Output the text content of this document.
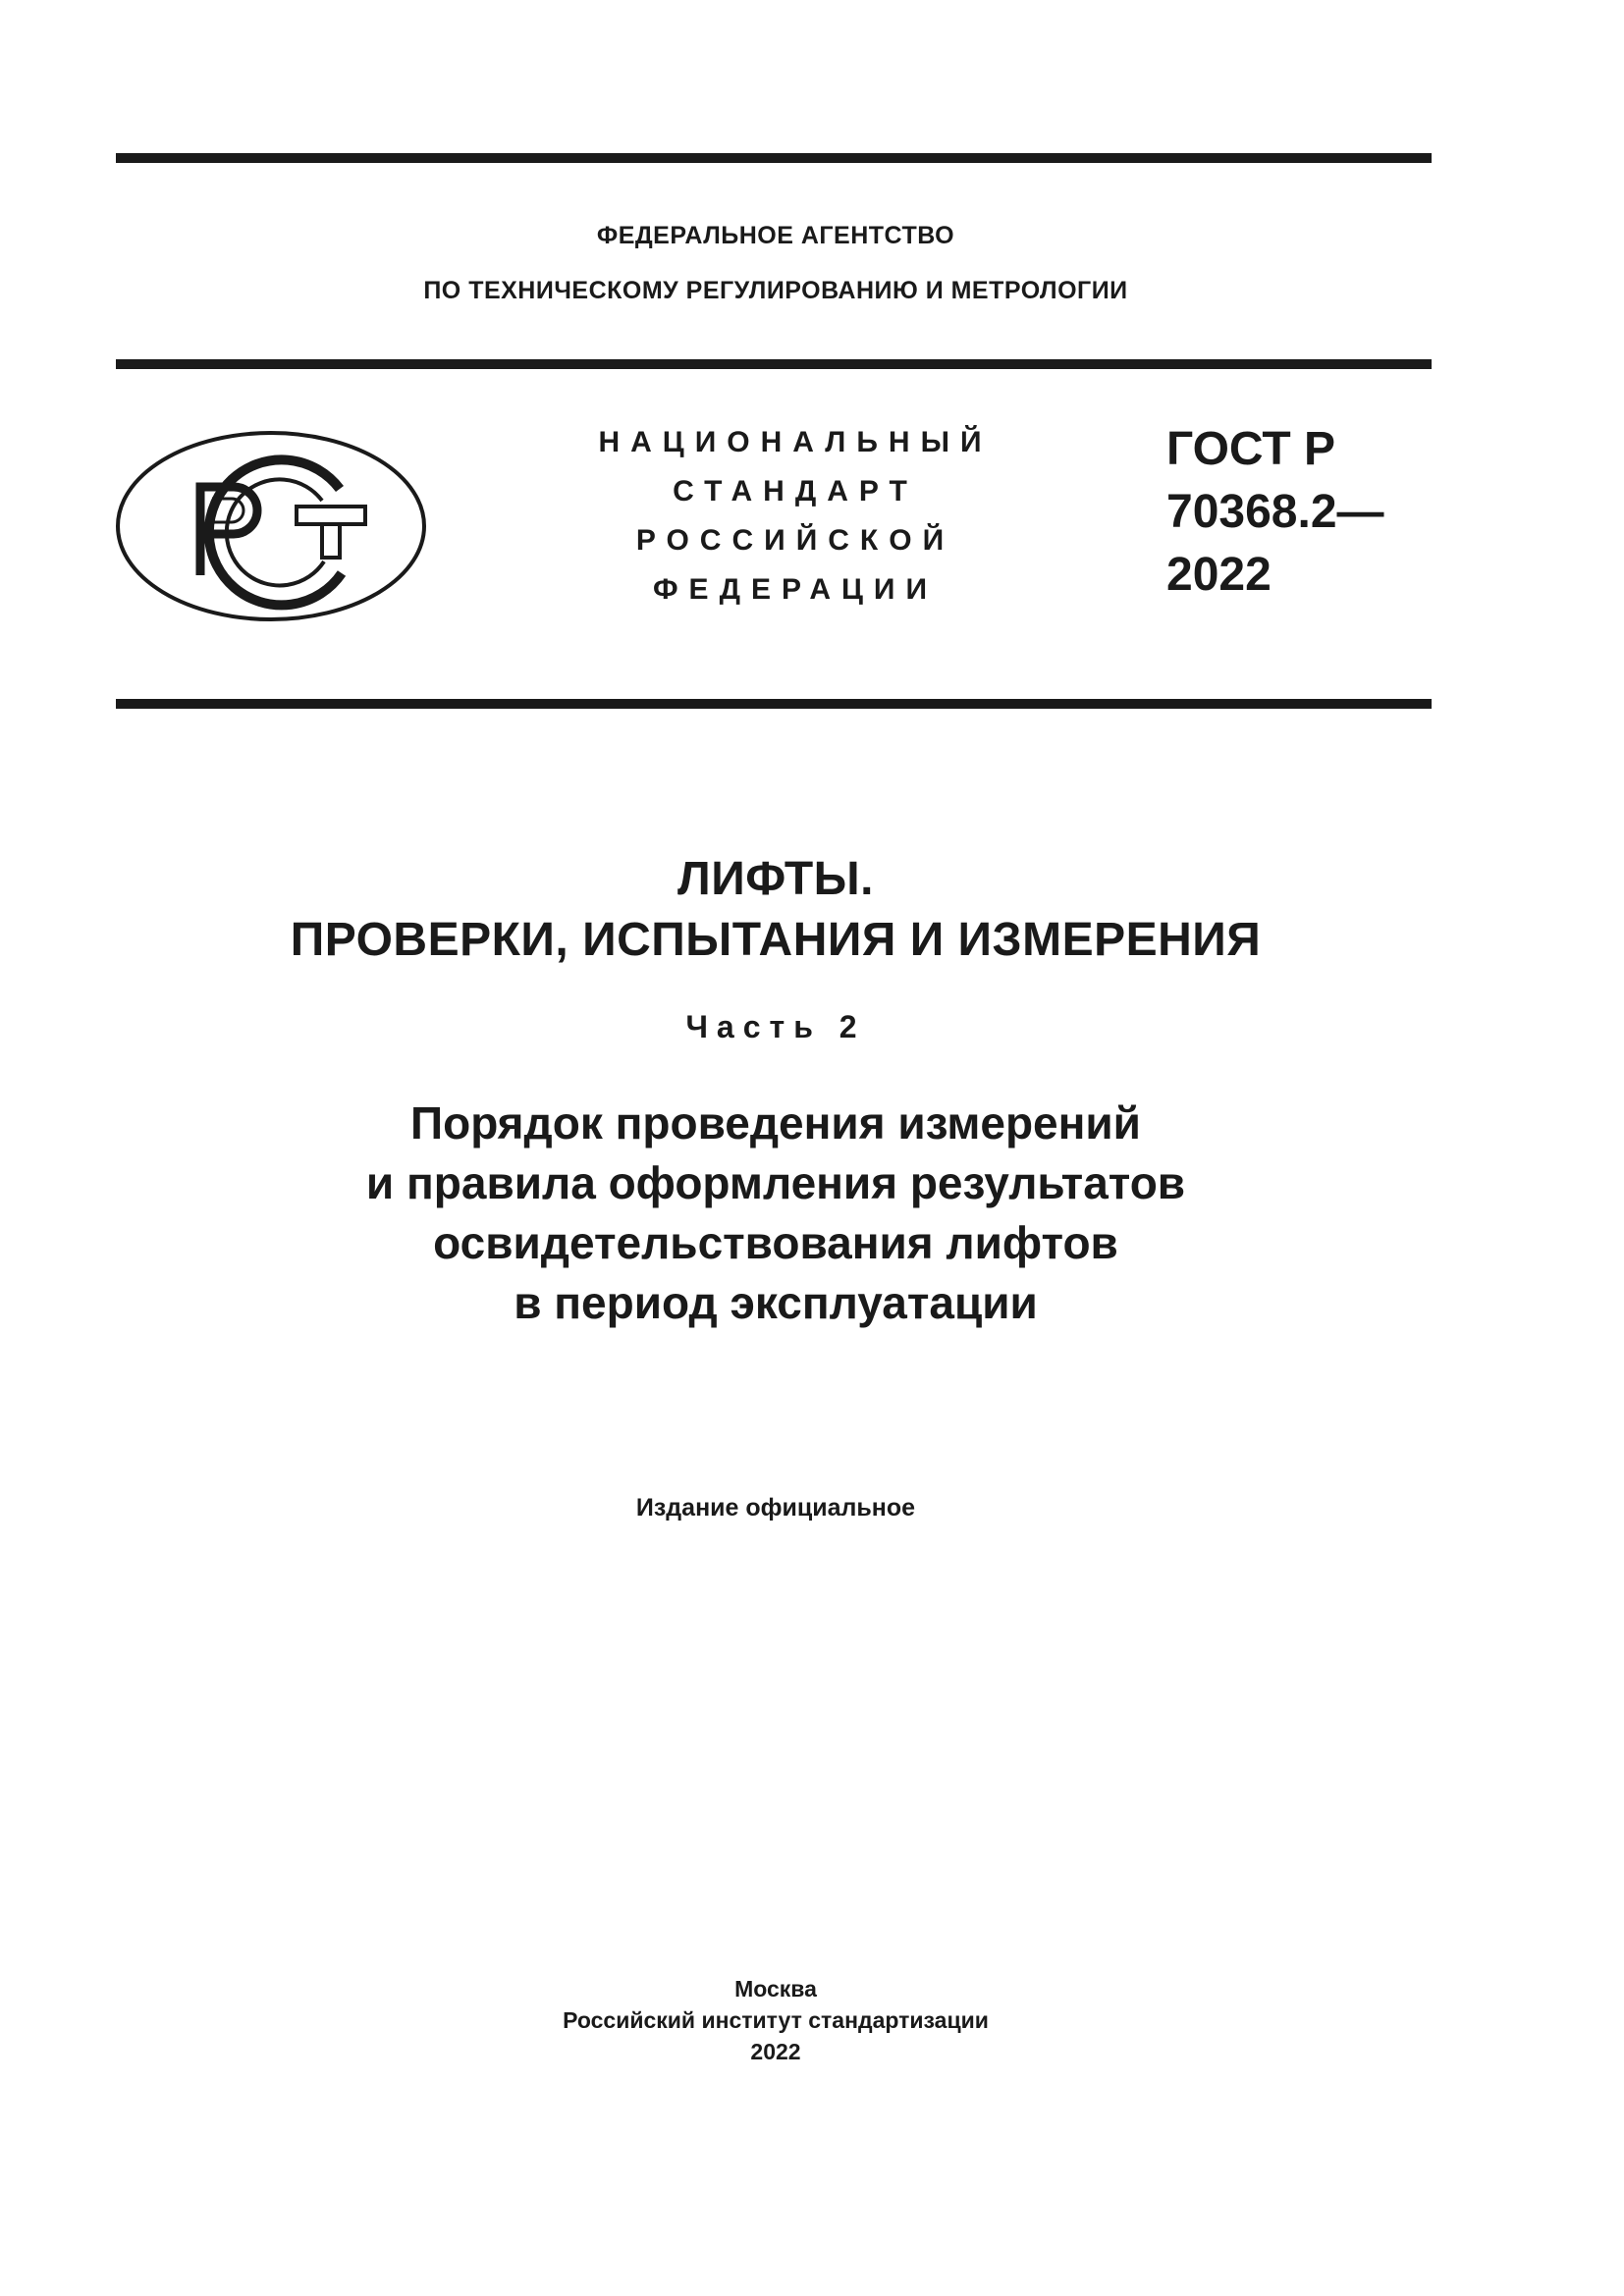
ФЕДЕРАЛЬНОЕ АГЕНТСТВО
ПО ТЕХНИЧЕСКОМУ РЕГУЛИРОВАНИЮ И МЕТРОЛОГИИ
НАЦИОНАЛЬНЫЙ
СТАНДАРТ
РОССИЙСКОЙ
ФЕДЕРАЦИИ
ГОСТ Р
70368.2—
2022
ЛИФТЫ.
ПРОВЕРКИ, ИСПЫТАНИЯ И ИЗМЕРЕНИЯ
Часть 2
Порядок проведения измерений
и правила оформления результатов
освидетельствования лифтов
в период эксплуатации
Издание официальное
Москва
Российский институт стандартизации
2022
